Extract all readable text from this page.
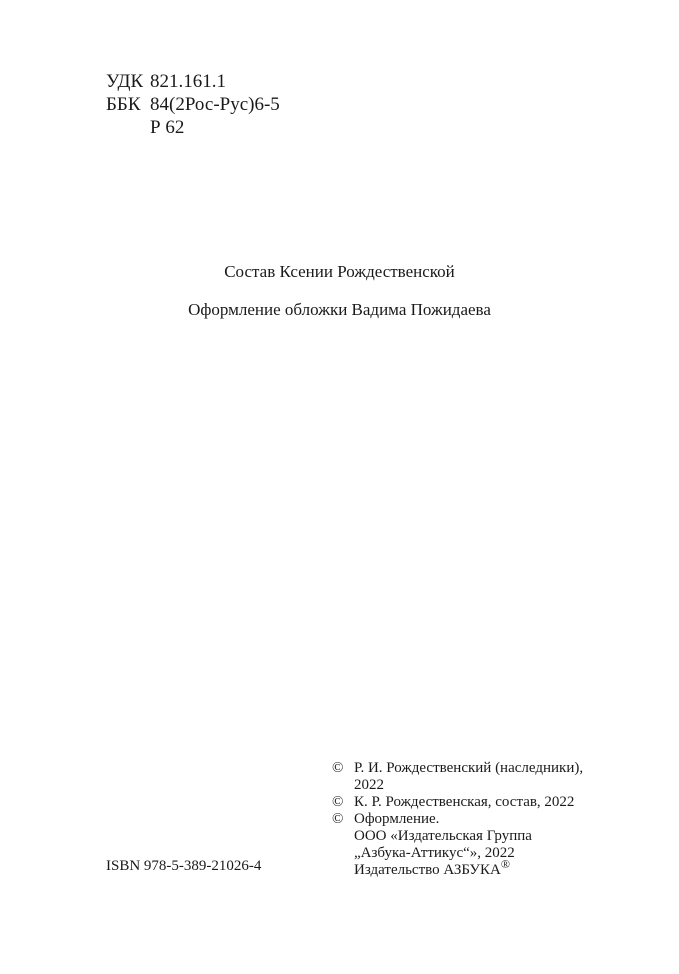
УДК 821.161.1
ББК 84(2Рос-Рус)6-5
Р 62
Состав Ксении Рождественской
Оформление обложки Вадима Пожидаева
© Р. И. Рождественский (наследники),
2022
© К. Р. Рождественская, состав, 2022
© Оформление.
ООО «Издательская Группа
„Азбука-Аттикус“», 2022
Издательство АЗБУКА®
ISBN 978-5-389-21026-4
